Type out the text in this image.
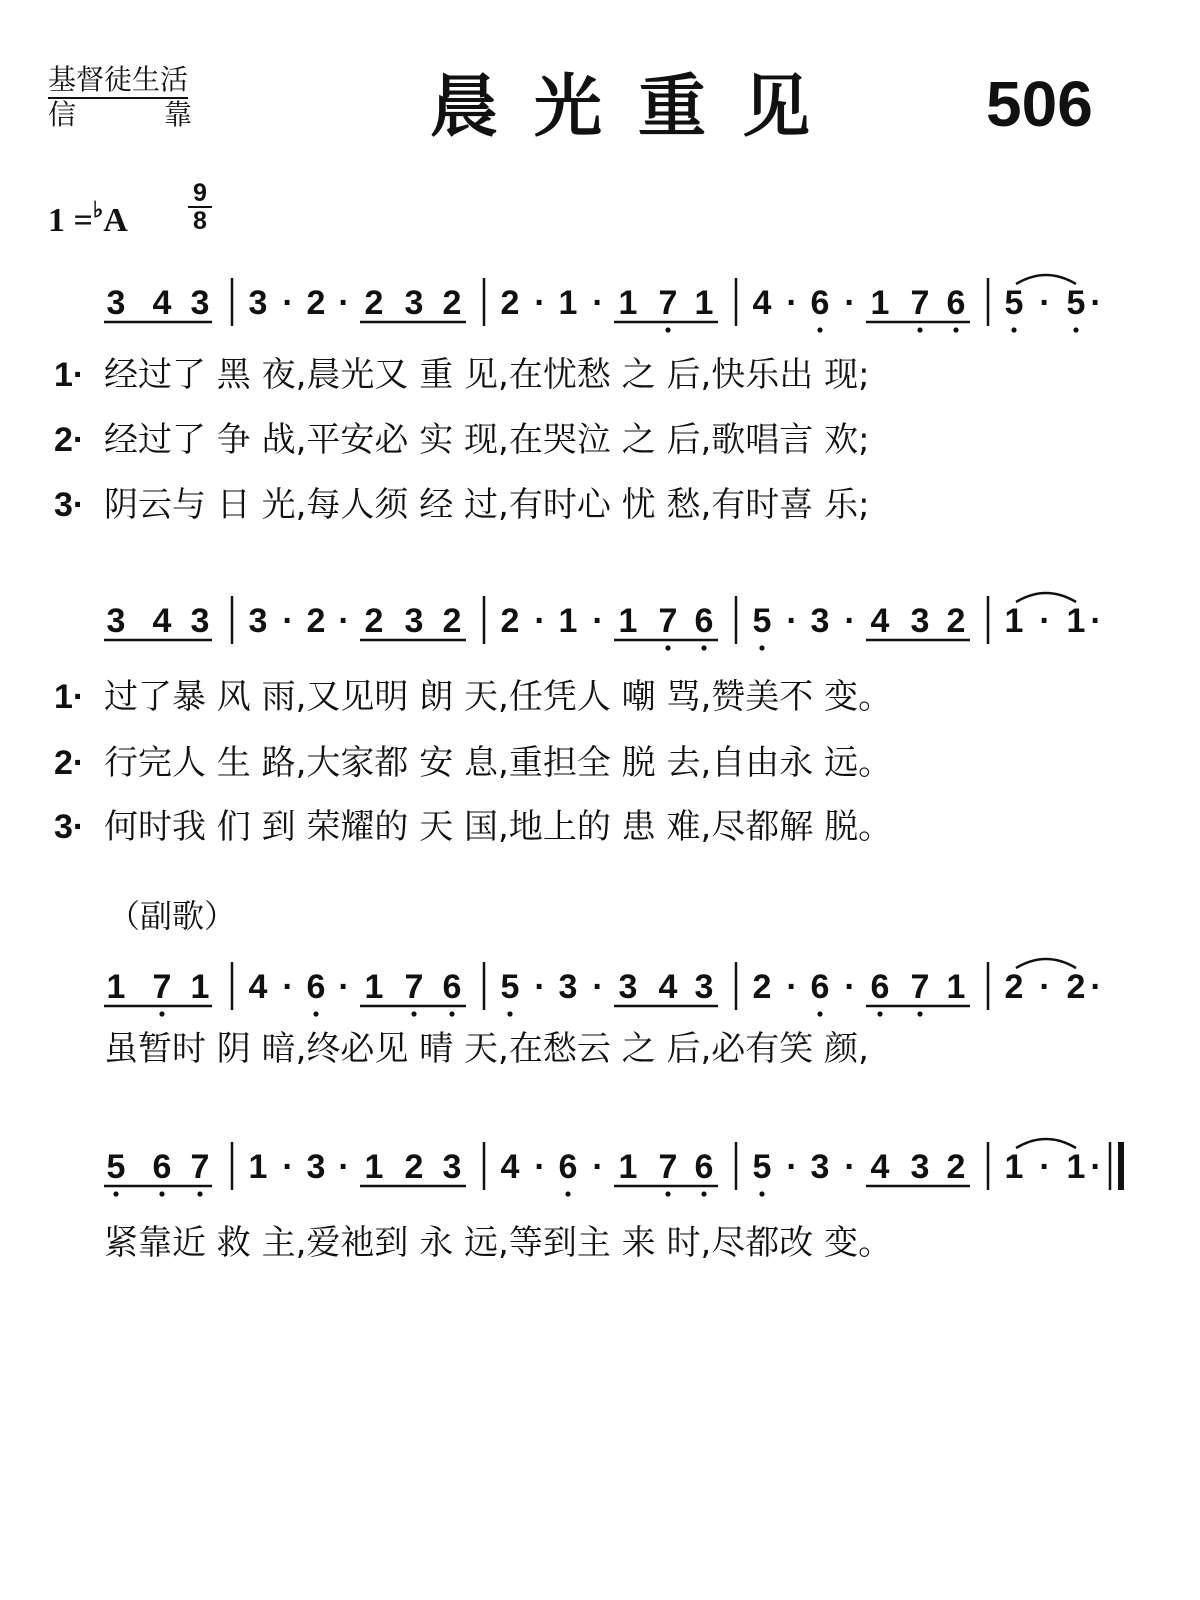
基督徒生活
信	靠	晨光重见 506
$1 =^♭A \frac{9}{8}$
3 4 3 3 · 2 · 2 3 2 2 · 1 · 1 7 1 4 · 6 · 1 7 6 5 · 5 ·
1· 经过了 黑 夜,晨光又 重 见,在忧愁 之 后,快乐出 现;
2· 经过了 争 战,平安必 实 现,在哭泣 之 后,歌唱言 欢;
3· 阴云与 日 光,每人须 经 过,有时心 忧 愁,有时喜 乐;
3 4 3 3 · 2 · 2 3 2 2 · 1 · 1 7 6 5 · 3 · 4 3 2 1 · 1 ·
1· 过了暴 风 雨,又见明 朗 天,任凭人 嘲 骂,赞美不 变。
2· 行完人 生 路,大家都 安 息,重担全 脱 去,自由永 远。
3· 何时我 们 到 荣耀的 天 国,地上的 患 难,尽都解 脱。
（副歌）
1 7 1 4 · 6 · 1 7 6 5 · 3 · 3 4 3 2 · 6 · 6 7 1 2 · 2 ·
虽暂时 阴 暗,终必见 晴 天,在愁云 之 后,必有笑 颜,
5 6 7 1 · 3 · 1 2 3 4 · 6 · 1 7 6 5 · 3 · 4 3 2 1 · 1 ·
紧靠近 救 主,爱祂到 永 远,等到主 来 时,尽都改 变。
